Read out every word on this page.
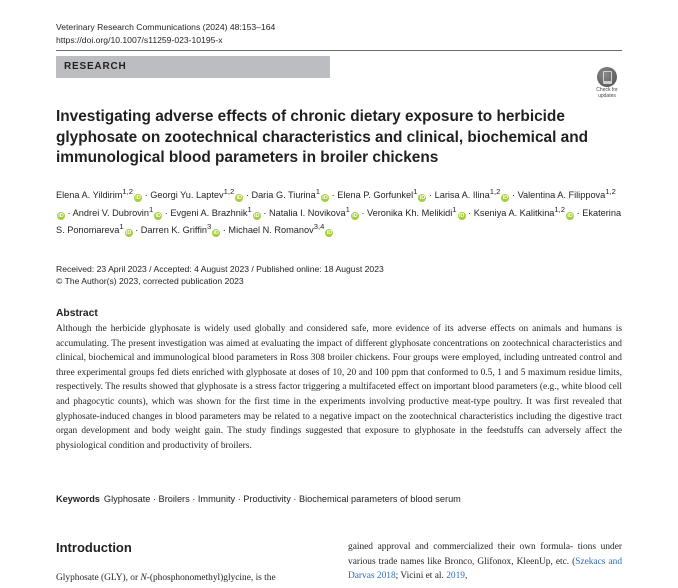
Veterinary Research Communications (2024) 48:153–164
https://doi.org/10.1007/s11259-023-10195-x
RESEARCH
Check for
updates
Investigating adverse effects of chronic dietary exposure to herbicide glyphosate on zootechnical characteristics and clinical, biochemical and immunological blood parameters in broiler chickens
Elena A. Yildirim$^{1,2}$iD · Georgi Yu. Laptev$^{1,2}$iD · Daria G. Tiurina$^1$iD · Elena P. Gorfunkel$^1$iD · Larisa A. Ilina$^{1,2}$iD · Valentina A. Filippova$^{1,2}$iD · Andrei V. Dubrovin$^1$iD · Evgeni A. Brazhnik$^1$iD · Natalia I. Novikova$^1$iD · Veronika Kh. Melikidi$^1$iD · Kseniya A. Kalitkina$^{1,2}$iD · Ekaterina S. Ponomareva$^1$iD · Darren K. Griffin$^3$iD · Michael N. Romanov$^{3,4}$iD
Received: 23 April 2023 / Accepted: 4 August 2023 / Published online: 18 August 2023
© The Author(s) 2023, corrected publication 2023
Abstract

Although the herbicide glyphosate is widely used globally and considered safe, more evidence of its adverse effects on animals and humans is accumulating. The present investigation was aimed at evaluating the impact of different glyphosate concentrations on zootechnical characteristics and clinical, biochemical and immunological blood parameters in Ross 308 broiler chickens. Four groups were employed, including untreated control and three experimental groups fed diets enriched with glyphosate at doses of 10, 20 and 100 ppm that conformed to 0.5, 1 and 5 maximum residue limits, respectively. The results showed that glyphosate is a stress factor triggering a multifaceted effect on important blood parameters (e.g., white blood cell and phagocytic counts), which was shown for the first time in the experiments involving productive meat-type poultry. It was first revealed that glyphosate-induced changes in blood parameters may be related to a negative impact on the zootechnical characteristics including the digestive tract organ development and body weight gain. The study findings suggested that exposure to glyphosate in the feedstuffs can adversely affect the physiological condition and productivity of broilers.

Keywords Glyphosate · Broilers · Immunity · Productivity · Biochemical parameters of blood serum
Introduction

Glyphosate (GLY), or N-(phosphonomethyl)glycine, is the

gained approval and commercialized their own formula- tions under various trade names like Bronco, Glifonox, KleenUp, etc. (Szekacs and Darvas 2018; Vicini et al. 2019,
